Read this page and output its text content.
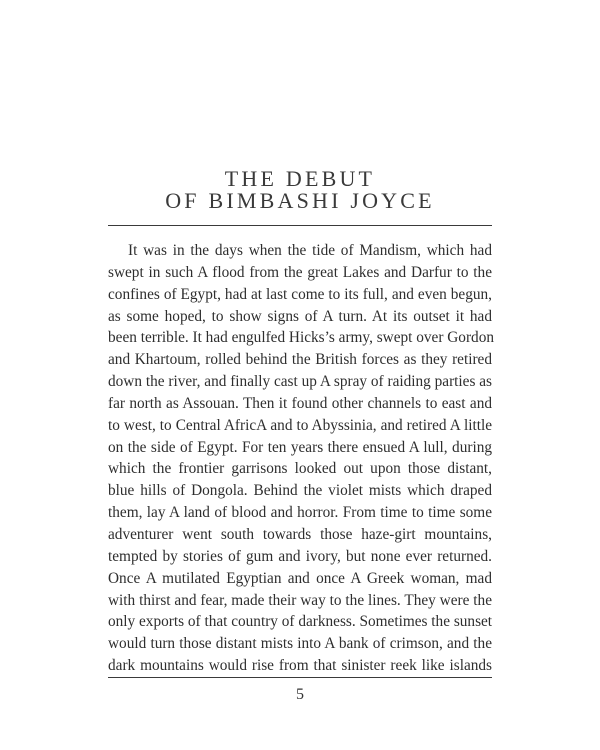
THE DEBUT
OF BIMBASHI JOYCE
It was in the days when the tide of Mandism, which had
swept in such A flood from the great Lakes and Darfur to the
confines of Egypt, had at last come to its full, and even begun,
as some hoped, to show signs of A turn. At its outset it had
been terrible. It had engulfed Hicks’s army, swept over Gordon
and Khartoum, rolled behind the British forces as they retired
down the river, and finally cast up A spray of raiding parties as
far north as Assouan. Then it found other channels to east and
to west, to Central AfricA and to Abyssinia, and retired A little
on the side of Egypt. For ten years there ensued A lull, during
which the frontier garrisons looked out upon those distant,
blue hills of Dongola. Behind the violet mists which draped
them, lay A land of blood and horror. From time to time some
adventurer went south towards those haze-girt mountains,
tempted by stories of gum and ivory, but none ever returned.
Once A mutilated Egyptian and once A Greek woman, mad
with thirst and fear, made their way to the lines. They were the
only exports of that country of darkness. Sometimes the sunset
would turn those distant mists into A bank of crimson, and the
dark mountains would rise from that sinister reek like islands
5
